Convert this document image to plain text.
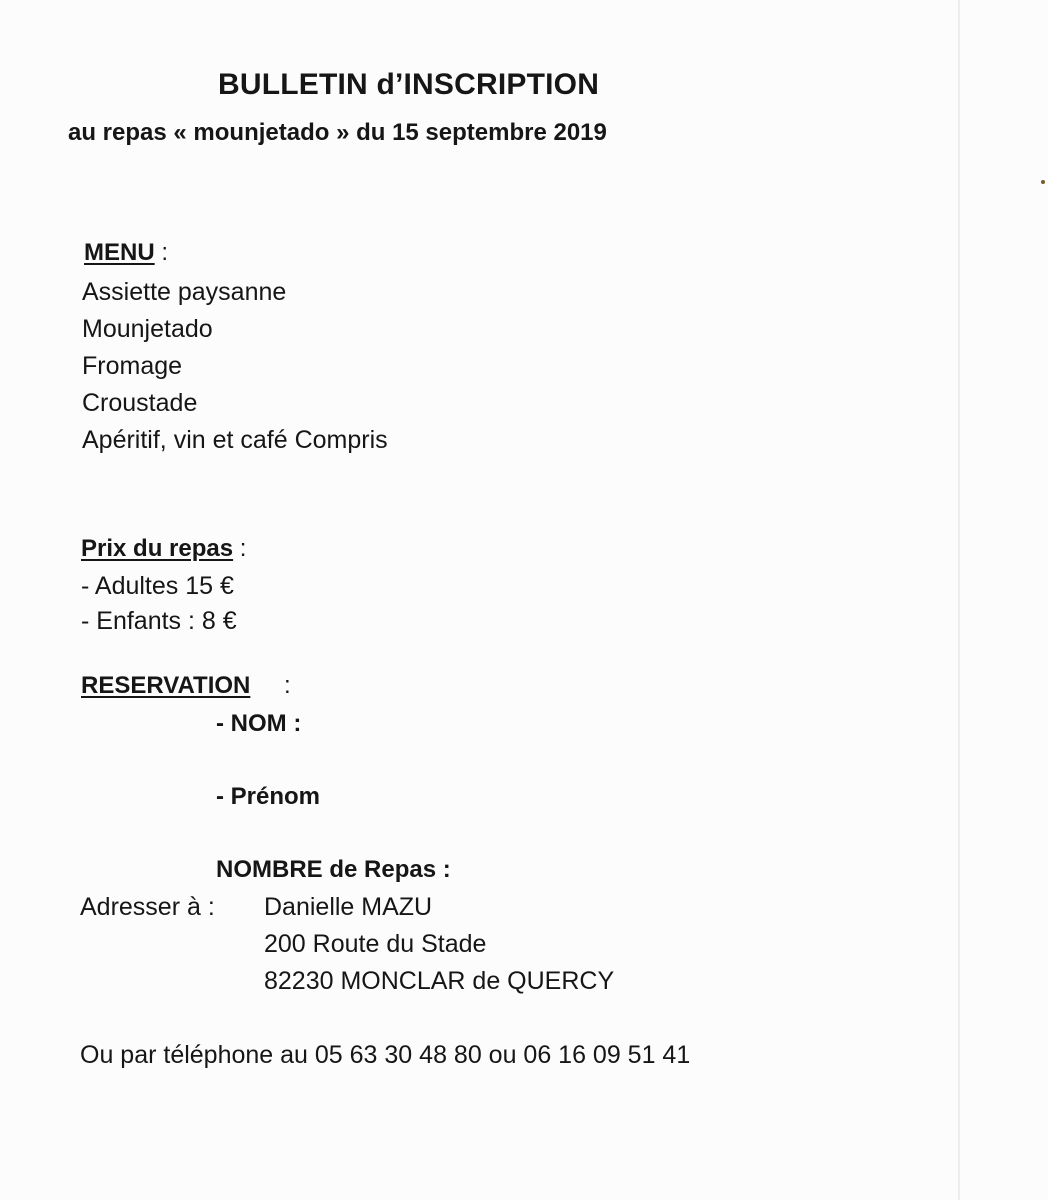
BULLETIN d’INSCRIPTION
au repas « mounjetado » du 15 septembre 2019
MENU :
Assiette paysanne
Mounjetado
Fromage
Croustade
Apéritif, vin et café Compris
Prix du repas :
- Adultes 15 €
- Enfants : 8 €
RESERVATION :
- NOM :
- Prénom
NOMBRE de Repas :
Adresser à : Danielle MAZU
200 Route du Stade
82230 MONCLAR de QUERCY
Ou par téléphone au 05 63 30 48 80 ou 06 16 09 51 41
